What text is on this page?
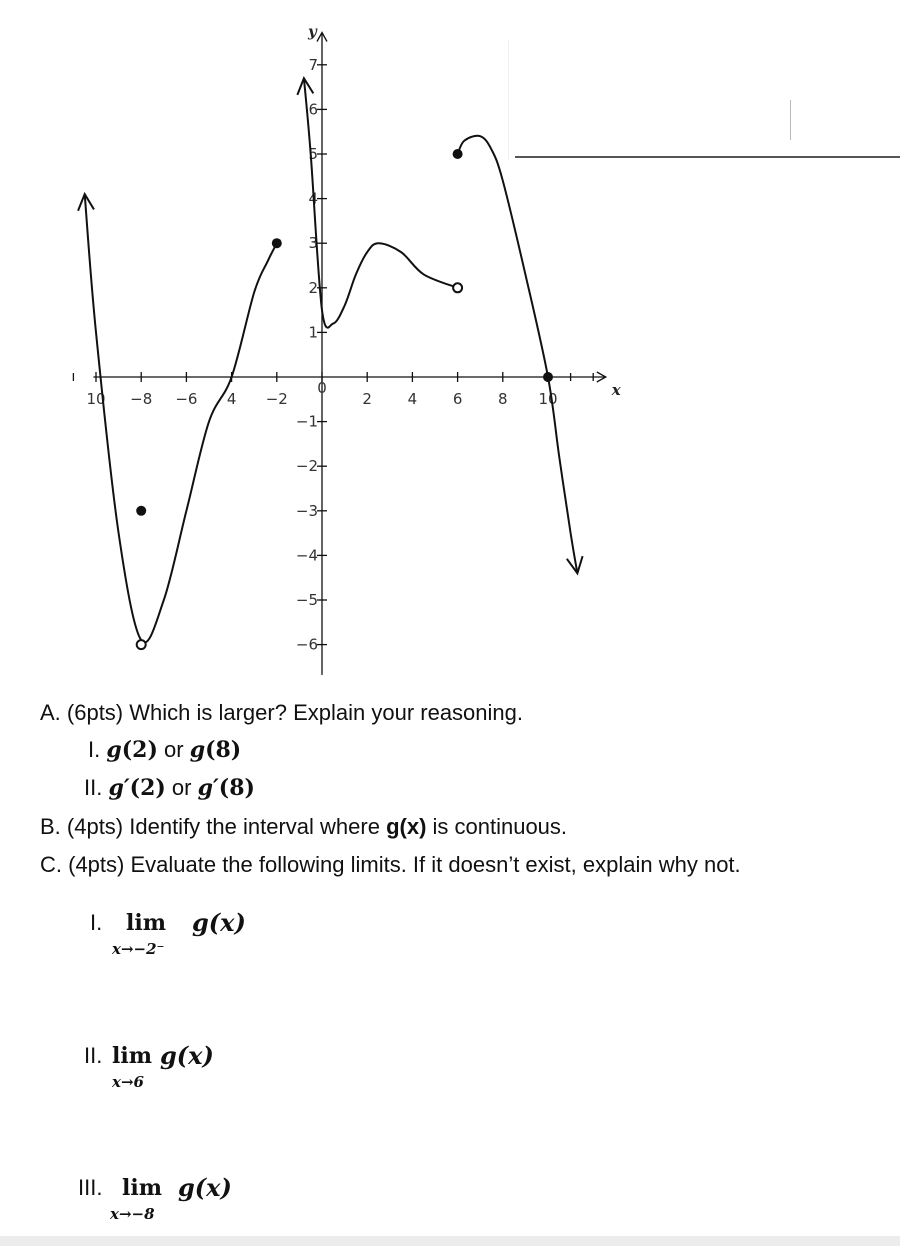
x
y
10 −8 −6 4 −2
0
2 4 6 8 10
7
6
5
4
3
2
1
−1
−2
−3
−4
−5
−6
A. (6pts) Which is larger? Explain your reasoning.
I. g(2) or g(8)
II. g′(2) or g′(8)
B. (4pts) Identify the interval where g(x) is continuous.
C. (4pts) Evaluate the following limits. If it doesn’t exist, explain why not.
I. lim
x→−2⁻
g(x)
II. lim
x→6
g(x)
III. lim
x→−8
g(x)
